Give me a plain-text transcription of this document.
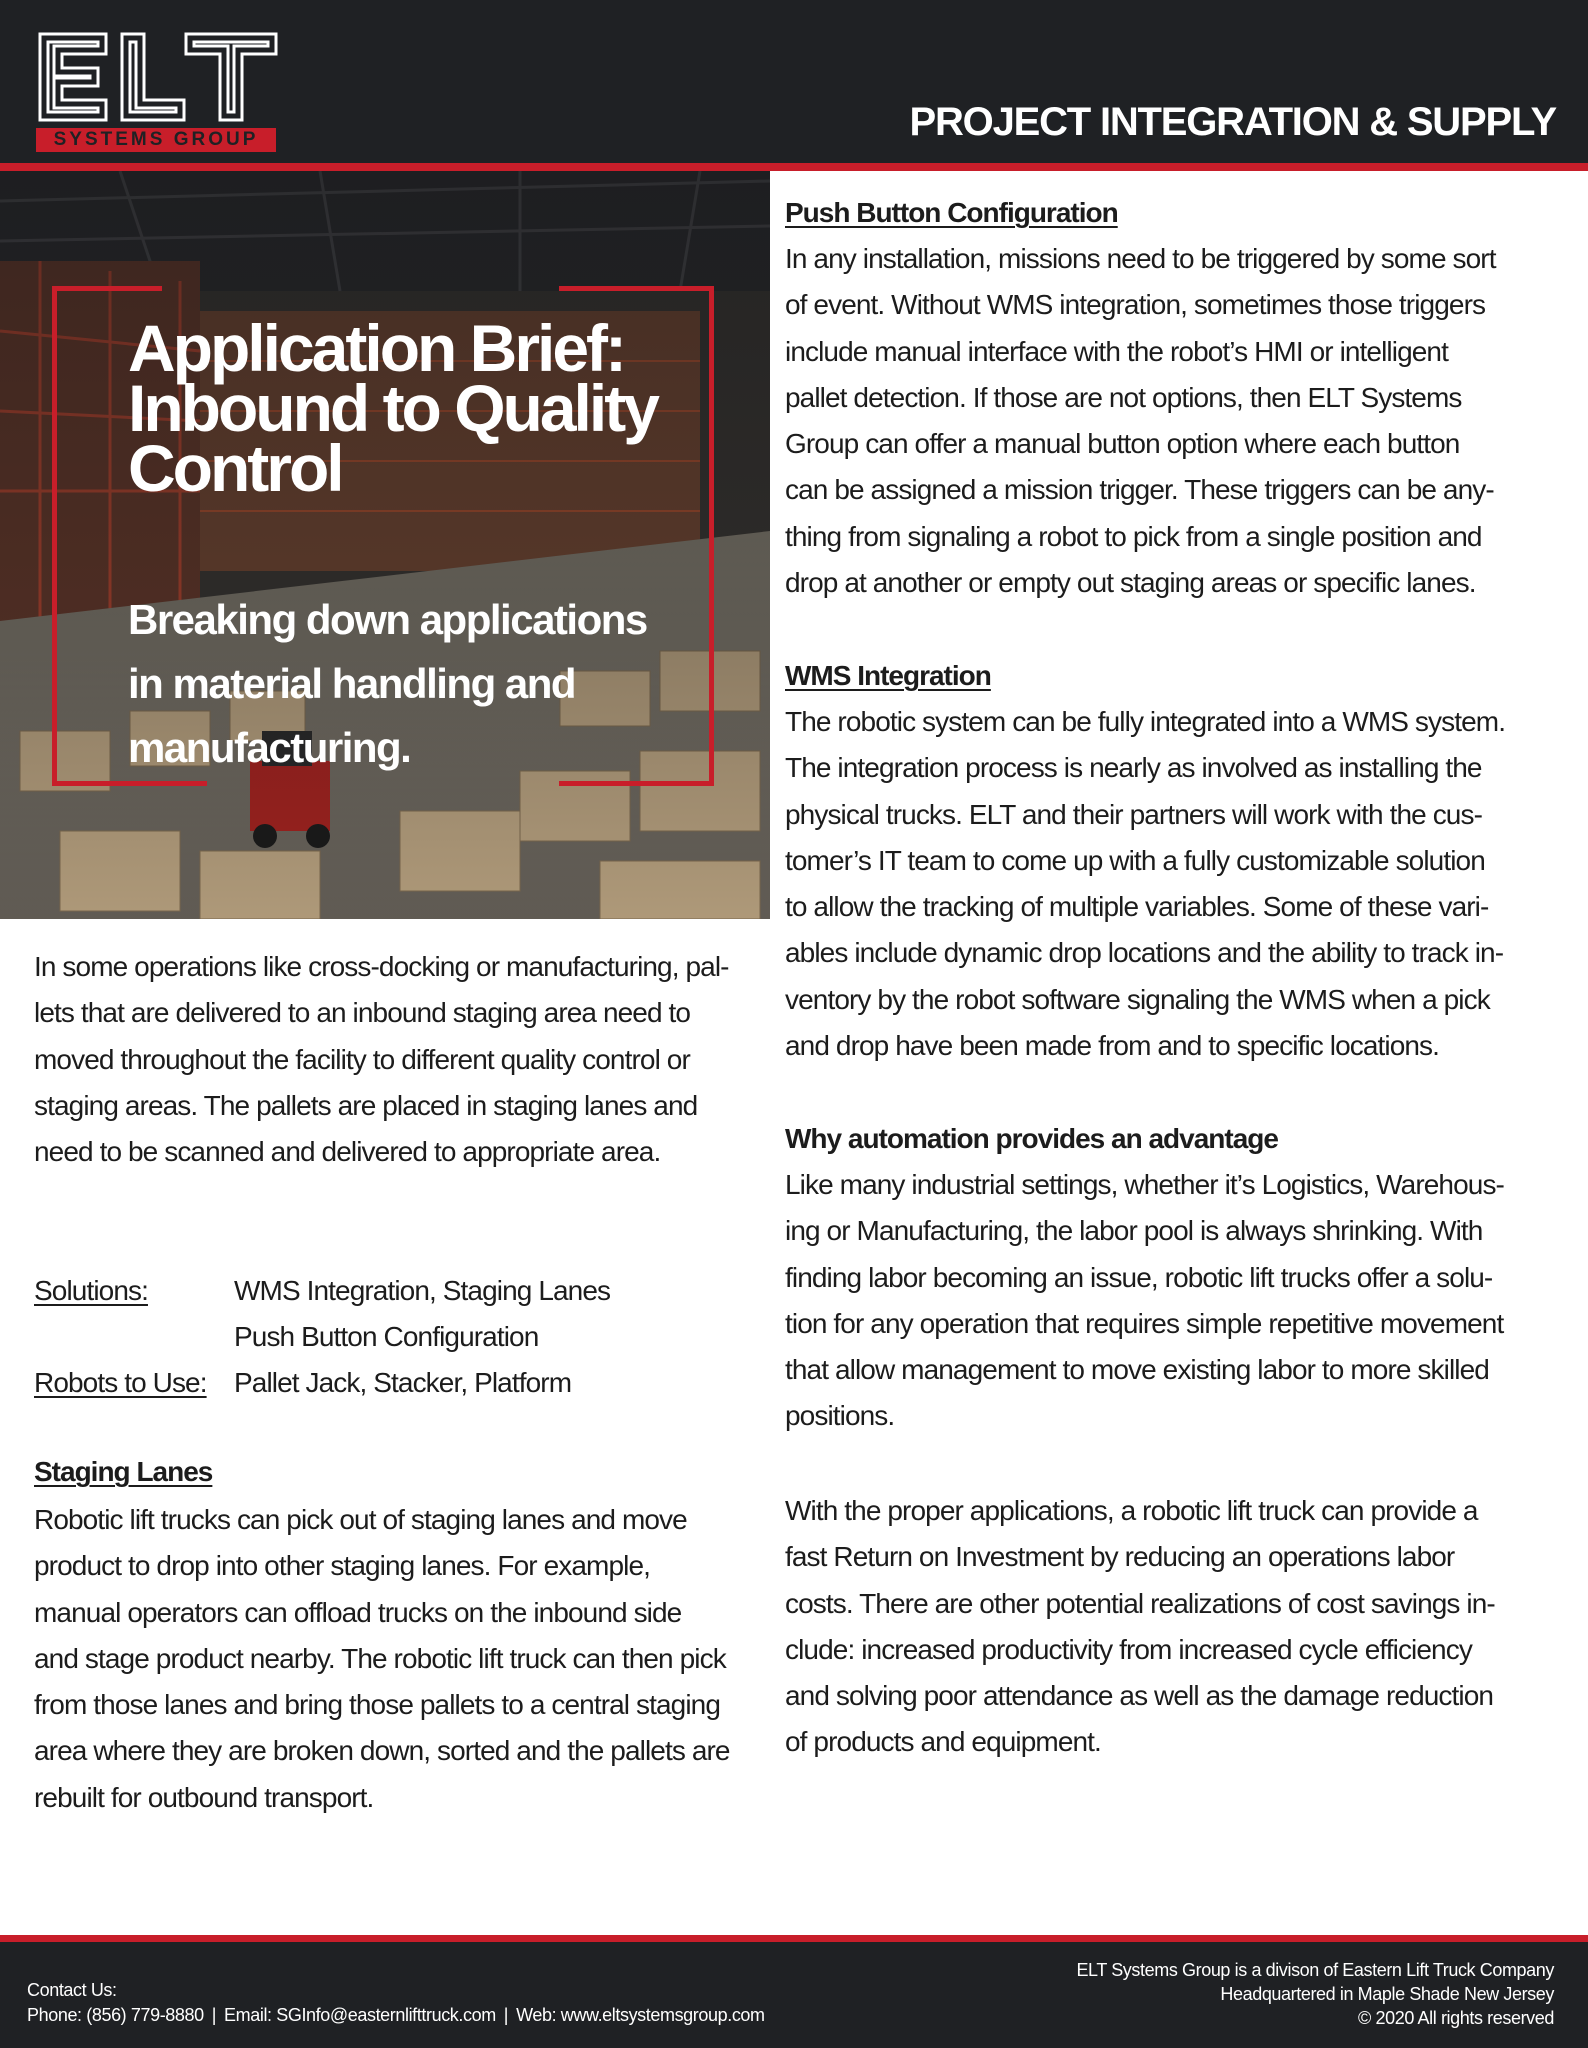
SYSTEMS GROUP	PROJECT INTEGRATION & SUPPLY
Application Brief:
Inbound to Quality
Control

Breaking down applications
in material handling and
manufacturing.

In some operations like cross-docking or manufacturing, pal-
lets that are delivered to an inbound staging area need to
moved throughout the facility to different quality control or
staging areas. The pallets are placed in staging lanes and
need to be scanned and delivered to appropriate area.
Solutions:	WMS Integration, Staging Lanes
Push Button Configuration
Robots to Use: Pallet Jack, Stacker, Platform
Staging Lanes
Robotic lift trucks can pick out of staging lanes and move
product to drop into other staging lanes. For example,
manual operators can offload trucks on the inbound side
and stage product nearby. The robotic lift truck can then pick
from those lanes and bring those pallets to a central staging
area where they are broken down, sorted and the pallets are
rebuilt for outbound transport.
Push Button Configuration
In any installation, missions need to be triggered by some sort
of event. Without WMS integration, sometimes those triggers
include manual interface with the robot’s HMI or intelligent
pallet detection. If those are not options, then ELT Systems
Group can offer a manual button option where each button
can be assigned a mission trigger. These triggers can be any-
thing from signaling a robot to pick from a single position and
drop at another or empty out staging areas or specific lanes.
WMS Integration
The robotic system can be fully integrated into a WMS system.
The integration process is nearly as involved as installing the
physical trucks. ELT and their partners will work with the cus-
tomer’s IT team to come up with a fully customizable solution
to allow the tracking of multiple variables. Some of these vari-
ables include dynamic drop locations and the ability to track in-
ventory by the robot software signaling the WMS when a pick
and drop have been made from and to specific locations.
Why automation provides an advantage
Like many industrial settings, whether it’s Logistics, Warehous-
ing or Manufacturing, the labor pool is always shrinking. With
finding labor becoming an issue, robotic lift trucks offer a solu-
tion for any operation that requires simple repetitive movement
that allow management to move existing labor to more skilled
positions.
With the proper applications, a robotic lift truck can provide a
fast Return on Investment by reducing an operations labor
costs. There are other potential realizations of cost savings in-
clude: increased productivity from increased cycle efficiency
and solving poor attendance as well as the damage reduction
of products and equipment.
Contact Us:
Phone: (856) 779-8880 | Email: SGInfo@easternlifttruck.com | Web: www.eltsystemsgroup.com
ELT Systems Group is a divison of Eastern Lift Truck Company
Headquartered in Maple Shade New Jersey
© 2020 All rights reserved
